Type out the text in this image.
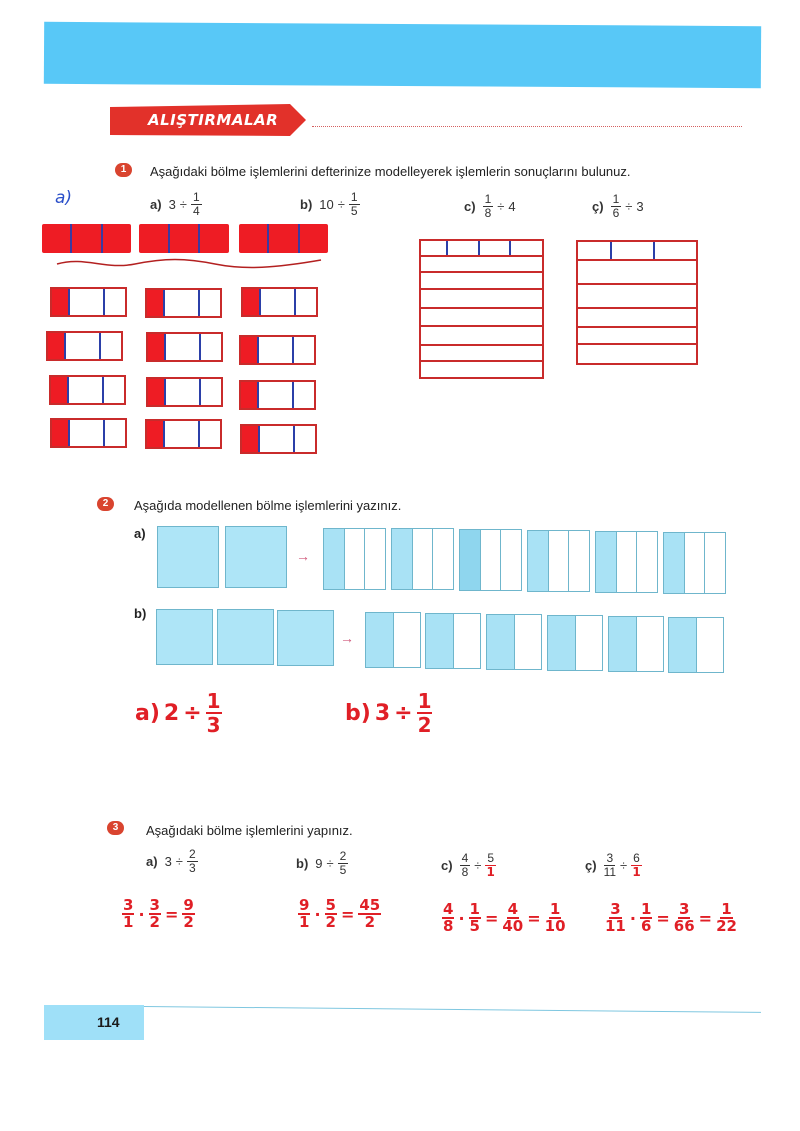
ALIŞTIRMALAR
1	Aşağıdaki bölme işlemlerini defterinize modelleyerek işlemlerin sonuçlarını bulunuz.
a)	a) $3 \div \frac{1}{4}$	b) $10 \div \frac{1}{5}$	$c) \frac{1}{8} \div 4$	ç) $\frac{1}{6} \div 3$
2	Aşağıda modellenen bölme işlemlerini yazınız.
a)
→
b)
→
a) $2 \div \frac{1}{3}$	b) $3 \div \frac{1}{2}$
3	Aşağıdaki bölme işlemlerini yapınız.
a) $3 \div \frac{2}{3}$	b) $9 \div \frac{2}{5}$	$c) \frac{4}{8} \div \frac{5}{1}$	ç) $\frac{3}{11} \div \frac{6}{1}$
$\frac{3}{1} \cdot \frac{3}{2} = \frac{9}{2}$	$\frac{9}{1} \cdot \frac{5}{2} = \frac{45}{2}$	$\frac{4}{8} \cdot \frac{1}{5} = \frac{4}{40} = \frac{1}{10}$	$\frac{3}{11} \cdot \frac{1}{6} = \frac{3}{66} = \frac{1}{22}$
114
